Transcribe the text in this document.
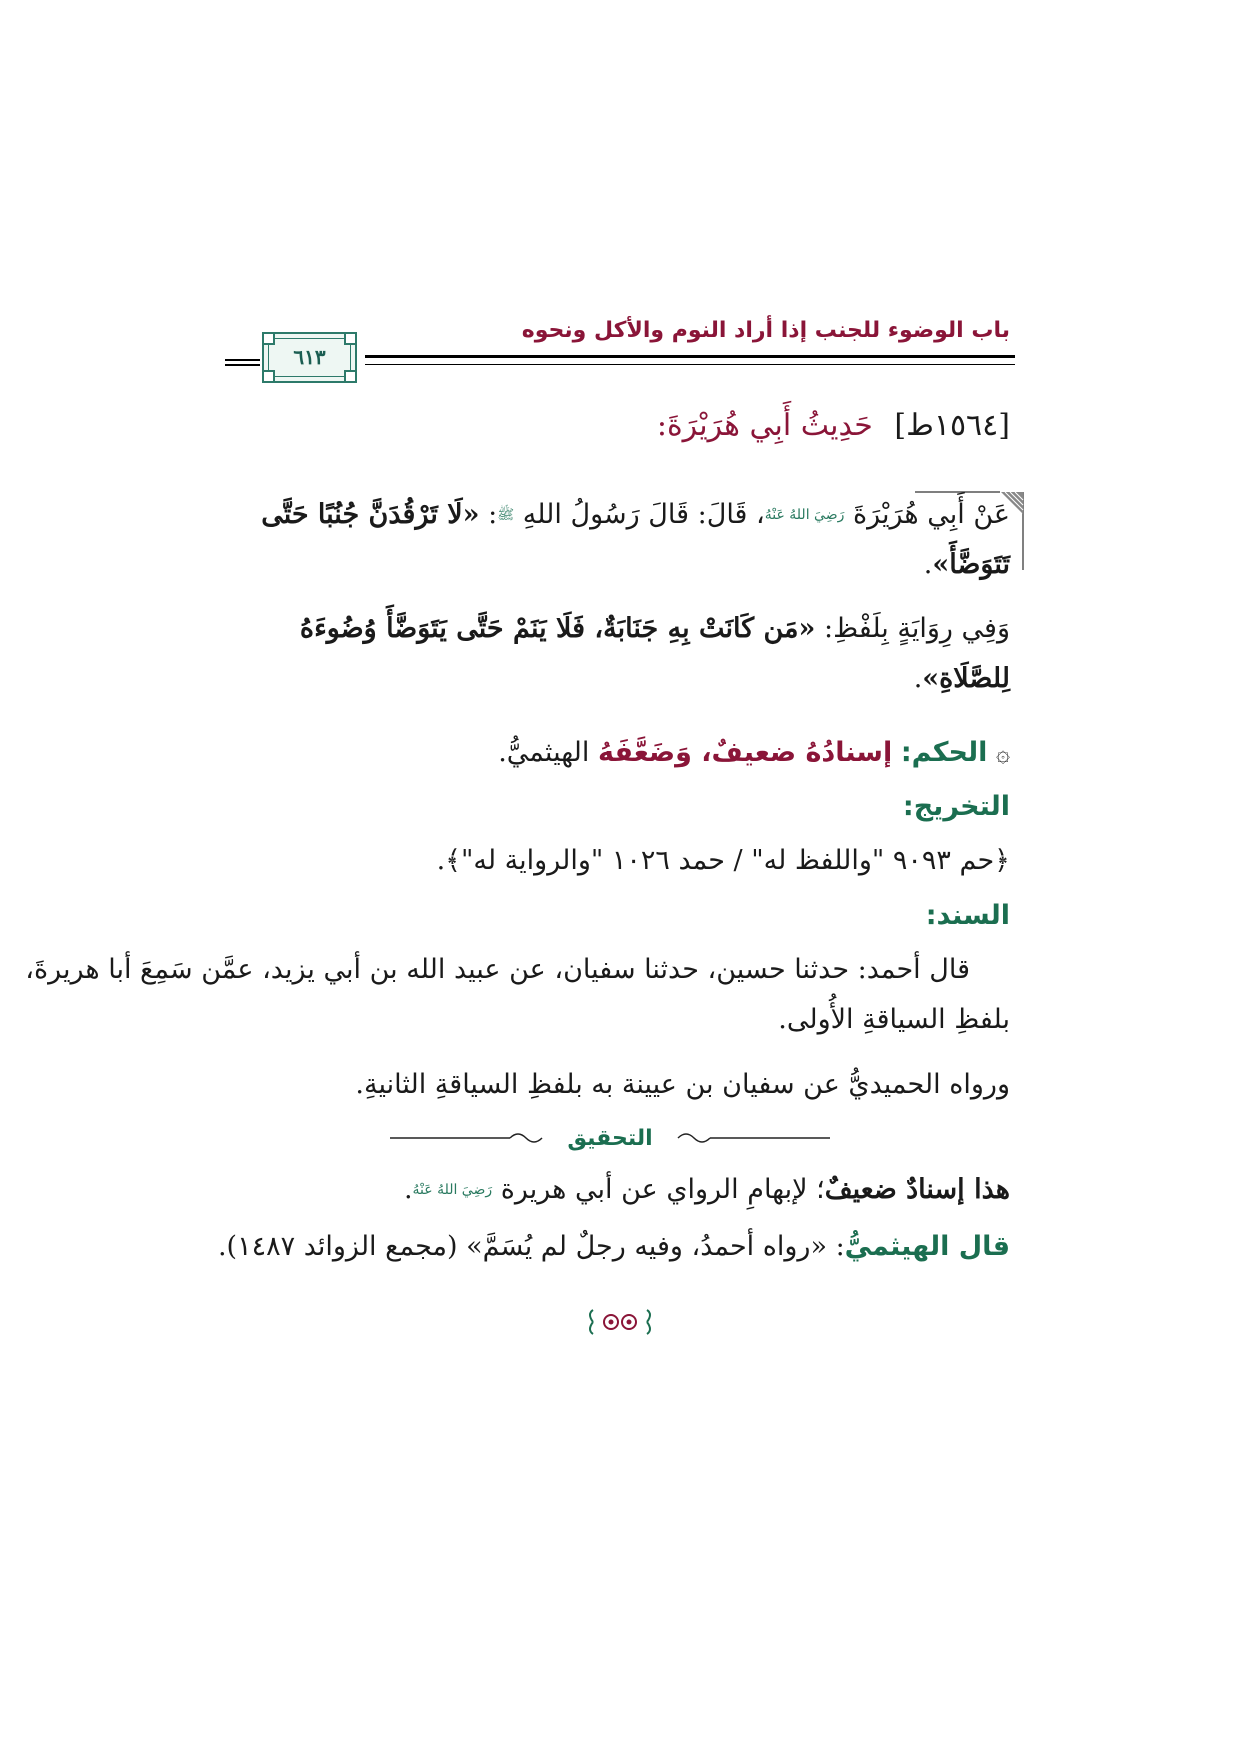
باب الوضوء للجنب إذا أراد النوم والأكل ونحوه
٦١٣
[١٥٦٤ط] حَدِيثُ أَبِي هُرَيْرَةَ:
عَنْ أَبِي هُرَيْرَةَ $^{رَضِيَ اللهُ عَنْهُ}$، قَالَ: قَالَ رَسُولُ اللهِ $^ﷺ$: «لَا تَرْقُدَنَّ جُنُبًا حَتَّى تَتَوَضَّأَ».
وَفِي رِوَايَةٍ بِلَفْظِ: «مَن كَانَتْ بِهِ جَنَابَةٌ، فَلَا يَنَمْ حَتَّى يَتَوَضَّأَ وُضُوءَهُ لِلصَّلَاةِ».
۞ الحكم: إسنادُهُ ضعيفٌ، وَضَعَّفَهُ الهيثميُّ.
التخريج:
﴿حم ٩٠٩٣ "واللفظ له" / حمد ١٠٢٦ "والرواية له"﴾.
السند:
قال أحمد: حدثنا حسين، حدثنا سفيان، عن عبيد الله بن أبي يزيد، عمَّن سَمِعَ أبا هريرةَ، بلفظِ السياقةِ الأُولى.
ورواه الحميديُّ عن سفيان بن عيينة به بلفظِ السياقةِ الثانيةِ.
التحقيق
هذا إسنادٌ ضعيفٌ؛ لإبهامِ الرواي عن أبي هريرة $^{رَضِيَ اللهُ عَنْهُ}$.
قال الهيثميُّ: «رواه أحمدُ، وفيه رجلٌ لم يُسَمَّ» (مجمع الزوائد ١٤٨٧).
